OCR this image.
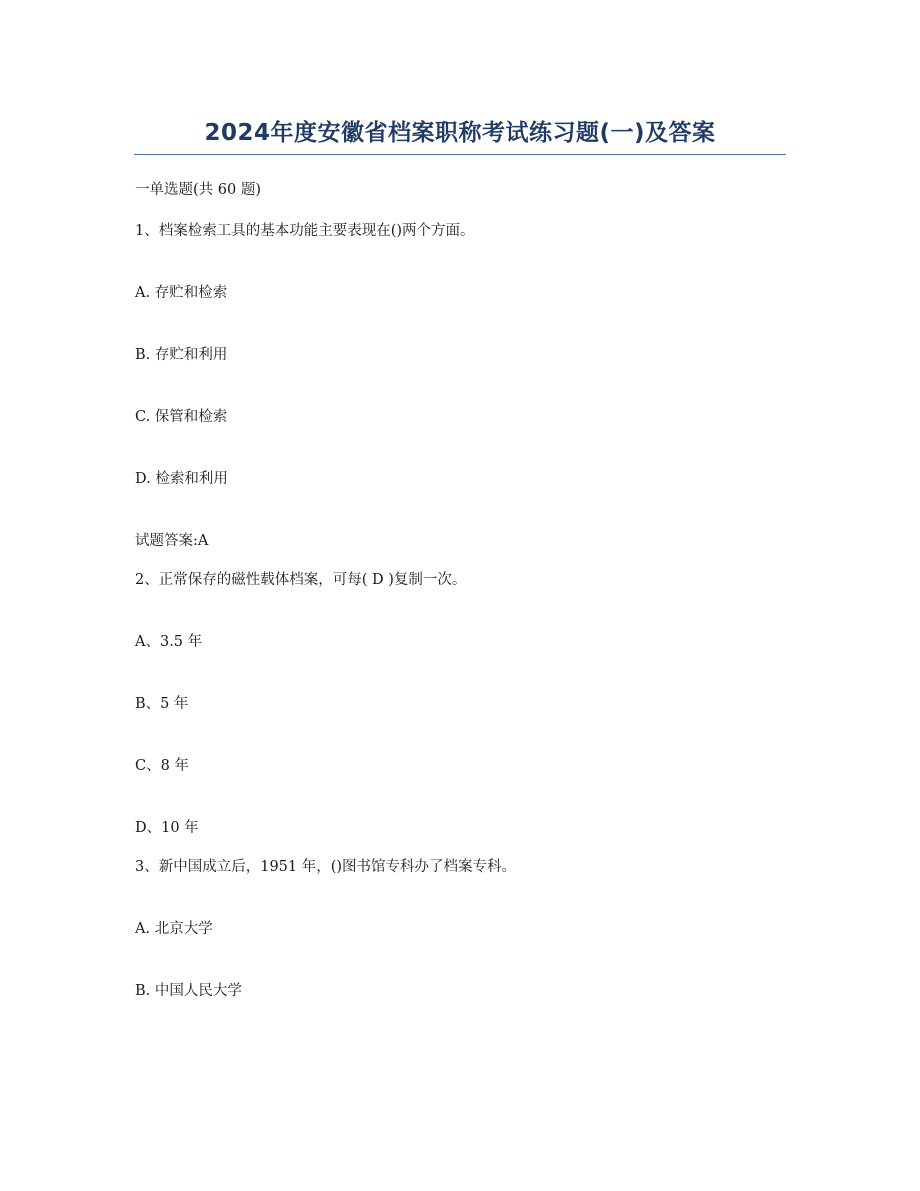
2024年度安徽省档案职称考试练习题(一)及答案
一单选题(共 60 题)
1、档案检索工具的基本功能主要表现在()两个方面。
A. 存贮和检索
B. 存贮和利用
C. 保管和检索
D. 检索和利用
试题答案:A
2、正常保存的磁性载体档案，可每( D )复制一次。
A、3.5 年
B、5 年
C、8 年
D、10 年
3、新中国成立后，1951 年，()图书馆专科办了档案专科。
A. 北京大学
B. 中国人民大学
